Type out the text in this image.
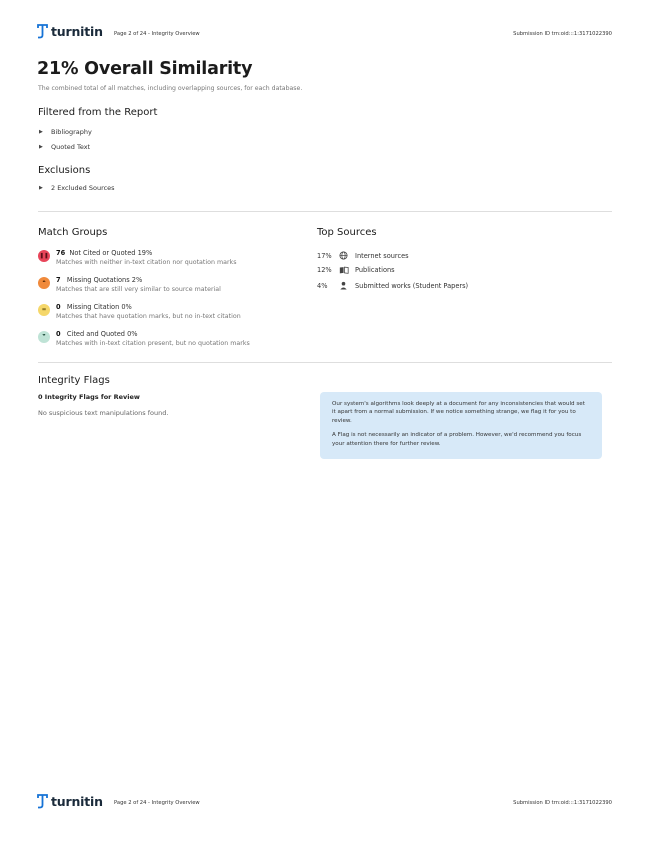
turnitin Page 2 of 24 - Integrity Overview	Submission ID trn:oid:::1:3171022390
21% Overall Similarity
The combined total of all matches, including overlapping sources, for each database.
Filtered from the Report
▶	Bibliography
▶	Quoted Text
Exclusions
▶	2 Excluded Sources
Match Groups
❚❚ 76 Not Cited or Quoted 19%
Matches with neither in-text citation nor quotation marks
❝	7 Missing Quotations 2%
Matches that are still very similar to source material
=	0 Missing Citation 0%
Matches that have quotation marks, but no in-text citation
❞	0 Cited and Quoted 0%
Matches with in-text citation present, but no quotation marks
Top Sources
17%	Internet sources
12%	Publications
4%	Submitted works (Student Papers)
Integrity Flags
0 Integrity Flags for Review
No suspicious text manipulations found.

Our system's algorithms look deeply at a document for any inconsistencies that would set it apart from a normal submission. If we notice something strange, we flag it for you to review.

A Flag is not necessarily an indicator of a problem. However, we'd recommend you focus your attention there for further review.

turnitin Page 2 of 24 - Integrity Overview	Submission ID trn:oid:::1:3171022390
